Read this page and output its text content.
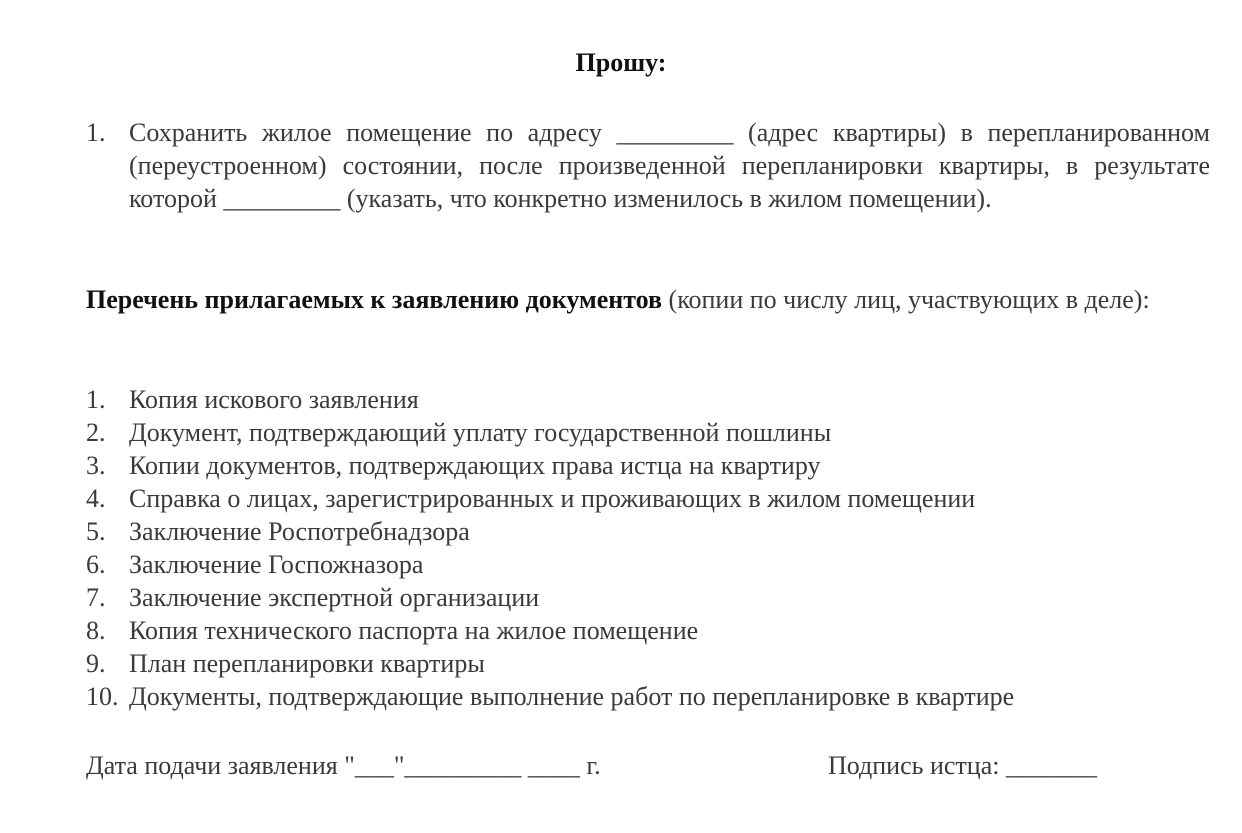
Прошу:
1. Сохранить жилое помещение по адресу _________ (адрес квартиры) в перепланированном (переустроенном) состоянии, после произведенной перепланировки квартиры, в результате которой _________ (указать, что конкретно изменилось в жилом помещении).
Перечень прилагаемых к заявлению документов (копии по числу лиц, участвующих в деле):
1. Копия искового заявления
2. Документ, подтверждающий уплату государственной пошлины
3. Копии документов, подтверждающих права истца на квартиру
4. Справка о лицах, зарегистрированных и проживающих в жилом помещении
5. Заключение Роспотребнадзора
6. Заключение Госпожназора
7. Заключение экспертной организации
8. Копия технического паспорта на жилое помещение
9. План перепланировки квартиры
10. Документы, подтверждающие выполнение работ по перепланировке в квартире
Дата подачи заявления "___"_________ ____ г.	Подпись истца: _______
